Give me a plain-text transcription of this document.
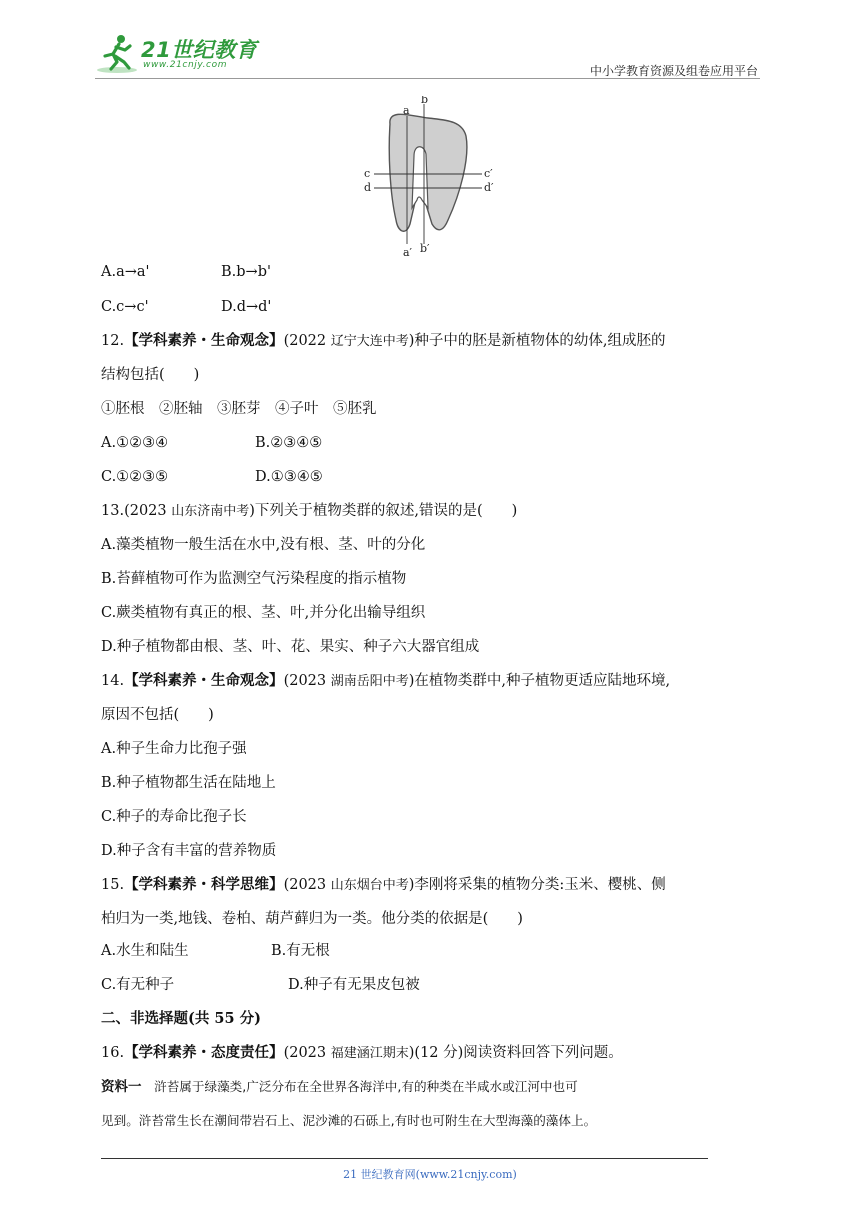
21世纪教育
www.21cnjy.com	中小学教育资源及组卷应用平台
a
b
c	c′
d	d′
a′ b′
A.a→a'	B.b→b'
C.c→c'	D.d→d'
12.【学科素养・生命观念】(2022 辽宁大连中考)种子中的胚是新植物体的幼体,组成胚的
结构包括(　　)
①胚根　②胚轴　③胚芽　④子叶　⑤胚乳
A.①②③④	B.②③④⑤
C.①②③⑤	D.①③④⑤
13.(2023 山东济南中考)下列关于植物类群的叙述,错误的是(　　)
A.藻类植物一般生活在水中,没有根、茎、叶的分化
B.苔藓植物可作为监测空气污染程度的指示植物
C.蕨类植物有真正的根、茎、叶,并分化出输导组织
D.种子植物都由根、茎、叶、花、果实、种子六大器官组成
14.【学科素养・生命观念】(2023 湖南岳阳中考)在植物类群中,种子植物更适应陆地环境,
原因不包括(　　)
A.种子生命力比孢子强
B.种子植物都生活在陆地上
C.种子的寿命比孢子长
D.种子含有丰富的营养物质
15.【学科素养・科学思维】(2023 山东烟台中考)李刚将采集的植物分类:玉米、樱桃、侧
柏归为一类,地钱、卷柏、葫芦藓归为一类。他分类的依据是(　　)
A.水生和陆生	B.有无根
C.有无种子	D.种子有无果皮包被
二、非选择题(共 55 分)
16.【学科素养・态度责任】(2023 福建涵江期末)(12 分)阅读资料回答下列问题。
资料一　浒苔属于绿藻类,广泛分布在全世界各海洋中,有的种类在半咸水或江河中也可
见到。浒苔常生长在潮间带岩石上、泥沙滩的石砾上,有时也可附生在大型海藻的藻体上。
21 世纪教育网(www.21cnjy.com)
